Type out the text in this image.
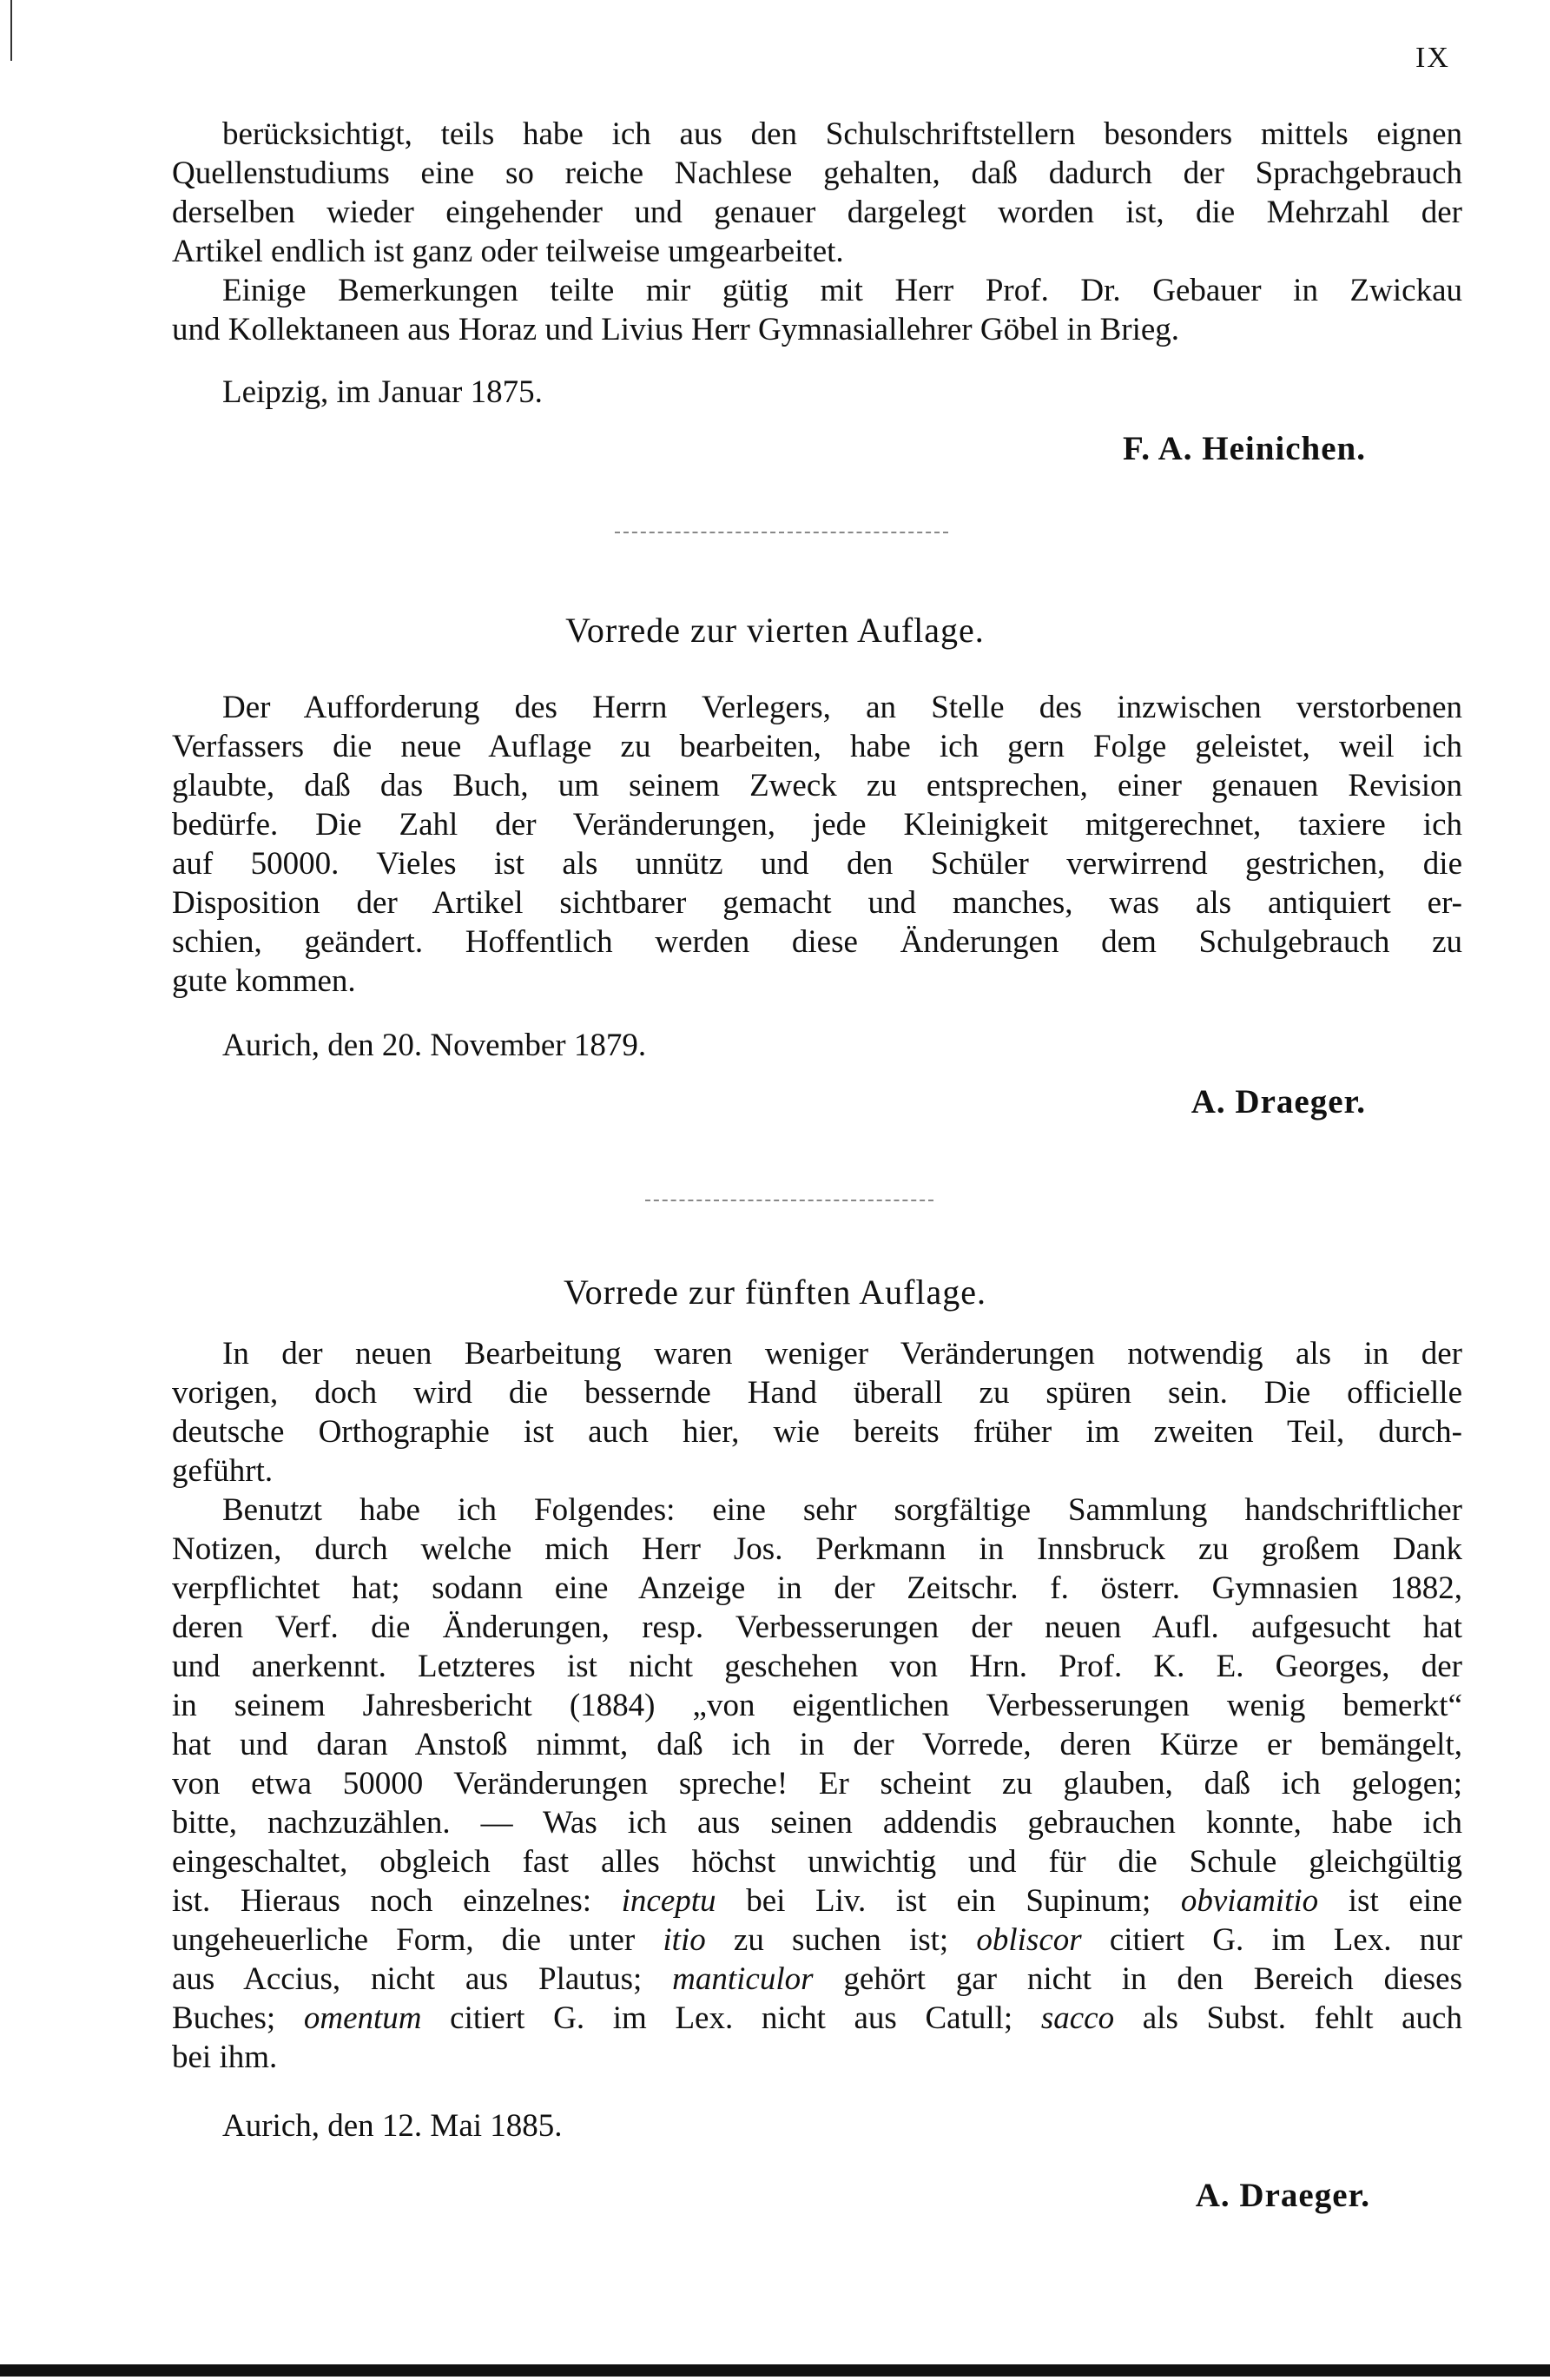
IX
berücksichtigt, teils habe ich aus den Schulschriftstellern besonders mittels eignen
Quellenstudiums eine so reiche Nachlese gehalten, daß dadurch der Sprachgebrauch
derselben wieder eingehender und genauer dargelegt worden ist, die Mehrzahl der
Artikel endlich ist ganz oder teilweise umgearbeitet.
Einige Bemerkungen teilte mir gütig mit Herr Prof. Dr. Gebauer in Zwickau
und Kollektaneen aus Horaz und Livius Herr Gymnasiallehrer Göbel in Brieg.
Leipzig, im Januar 1875.
F. A. Heinichen.
Vorrede zur vierten Auflage.
Der Aufforderung des Herrn Verlegers, an Stelle des inzwischen verstorbenen
Verfassers die neue Auflage zu bearbeiten, habe ich gern Folge geleistet, weil ich
glaubte, daß das Buch, um seinem Zweck zu entsprechen, einer genauen Revision
bedürfe. Die Zahl der Veränderungen, jede Kleinigkeit mitgerechnet, taxiere ich
auf 50000. Vieles ist als unnütz und den Schüler verwirrend gestrichen, die
Disposition der Artikel sichtbarer gemacht und manches, was als antiquiert er-
schien, geändert. Hoffentlich werden diese Änderungen dem Schulgebrauch zu
gute kommen.
Aurich, den 20. November 1879.
A. Draeger.
Vorrede zur fünften Auflage.
In der neuen Bearbeitung waren weniger Veränderungen notwendig als in der
vorigen, doch wird die bessernde Hand überall zu spüren sein. Die officielle
deutsche Orthographie ist auch hier, wie bereits früher im zweiten Teil, durch-
geführt.
Benutzt habe ich Folgendes: eine sehr sorgfältige Sammlung handschriftlicher
Notizen, durch welche mich Herr Jos. Perkmann in Innsbruck zu großem Dank
verpflichtet hat; sodann eine Anzeige in der Zeitschr. f. österr. Gymnasien 1882,
deren Verf. die Änderungen, resp. Verbesserungen der neuen Aufl. aufgesucht hat
und anerkennt. Letzteres ist nicht geschehen von Hrn. Prof. K. E. Georges, der
in seinem Jahresbericht (1884) „von eigentlichen Verbesserungen wenig bemerkt“
hat und daran Anstoß nimmt, daß ich in der Vorrede, deren Kürze er bemängelt,
von etwa 50000 Veränderungen spreche! Er scheint zu glauben, daß ich gelogen;
bitte, nachzuzählen. — Was ich aus seinen addendis gebrauchen konnte, habe ich
eingeschaltet, obgleich fast alles höchst unwichtig und für die Schule gleichgültig
ist. Hieraus noch einzelnes: inceptu bei Liv. ist ein Supinum; obviamitio ist eine
ungeheuerliche Form, die unter itio zu suchen ist; obliscor citiert G. im Lex. nur
aus Accius, nicht aus Plautus; manticulor gehört gar nicht in den Bereich dieses
Buches; omentum citiert G. im Lex. nicht aus Catull; sacco als Subst. fehlt auch
bei ihm.
Aurich, den 12. Mai 1885.
A. Draeger.
